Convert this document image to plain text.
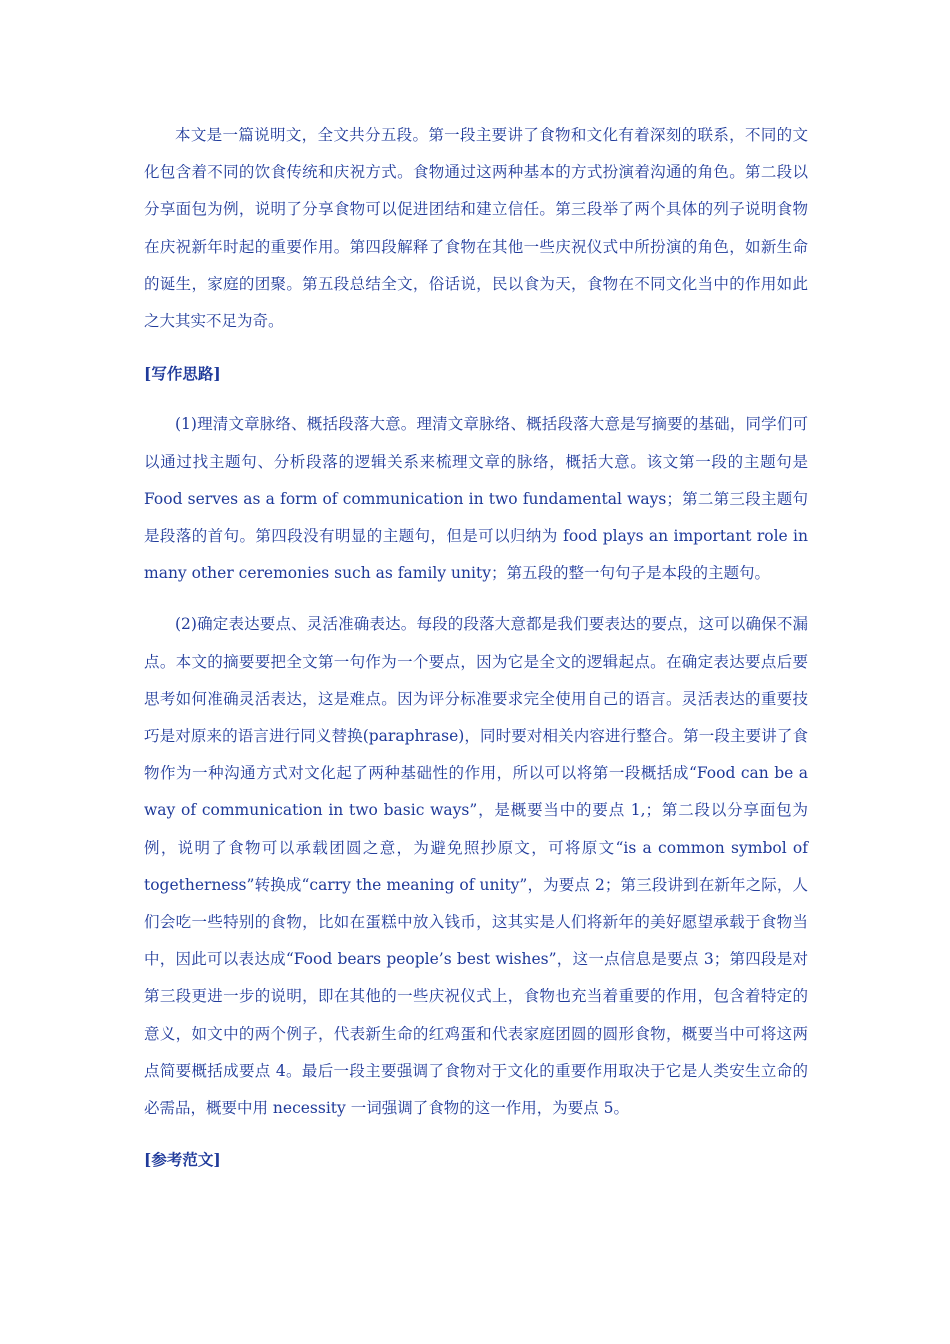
本文是一篇说明文，全文共分五段。第一段主要讲了食物和文化有着深刻的联系，不同的文化包含着不同的饮食传统和庆祝方式。食物通过这两种基本的方式扮演着沟通的角色。第二段以分享面包为例，说明了分享食物可以促进团结和建立信任。第三段举了两个具体的列子说明食物在庆祝新年时起的重要作用。第四段解释了食物在其他一些庆祝仪式中所扮演的角色，如新生命的诞生，家庭的团聚。第五段总结全文，俗话说，民以食为天，食物在不同文化当中的作用如此之大其实不足为奇。

[写作思路]

(1)理清文章脉络、概括段落大意。理清文章脉络、概括段落大意是写摘要的基础，同学们可以通过找主题句、分析段落的逻辑关系来梳理文章的脉络，概括大意。该文第一段的主题句是 Food serves as a form of communication in two fundamental ways；第二第三段主题句是段落的首句。第四段没有明显的主题句，但是可以归纳为 food plays an important role in many other ceremonies such as family unity；第五段的整一句句子是本段的主题句。

(2)确定表达要点、灵活准确表达。每段的段落大意都是我们要表达的要点，这可以确保不漏点。本文的摘要要把全文第一句作为一个要点，因为它是全文的逻辑起点。在确定表达要点后要思考如何准确灵活表达，这是难点。因为评分标准要求完全使用自己的语言。灵活表达的重要技巧是对原来的语言进行同义替换(paraphrase)，同时要对相关内容进行整合。第一段主要讲了食物作为一种沟通方式对文化起了两种基础性的作用，所以可以将第一段概括成“Food can be a way of communication in two basic ways”，是概要当中的要点 1,；第二段以分享面包为例，说明了食物可以承载团圆之意，为避免照抄原文，可将原文“is a common symbol of togetherness”转换成“carry the meaning of unity”，为要点 2；第三段讲到在新年之际，人们会吃一些特别的食物，比如在蛋糕中放入钱币，这其实是人们将新年的美好愿望承载于食物当中，因此可以表达成“Food bears people’s best wishes”，这一点信息是要点 3；第四段是对第三段更进一步的说明，即在其他的一些庆祝仪式上，食物也充当着重要的作用，包含着特定的意义，如文中的两个例子，代表新生命的红鸡蛋和代表家庭团圆的圆形食物，概要当中可将这两点简要概括成要点 4。最后一段主要强调了食物对于文化的重要作用取决于它是人类安生立命的必需品，概要中用 necessity 一词强调了食物的这一作用，为要点 5。

[参考范文]
